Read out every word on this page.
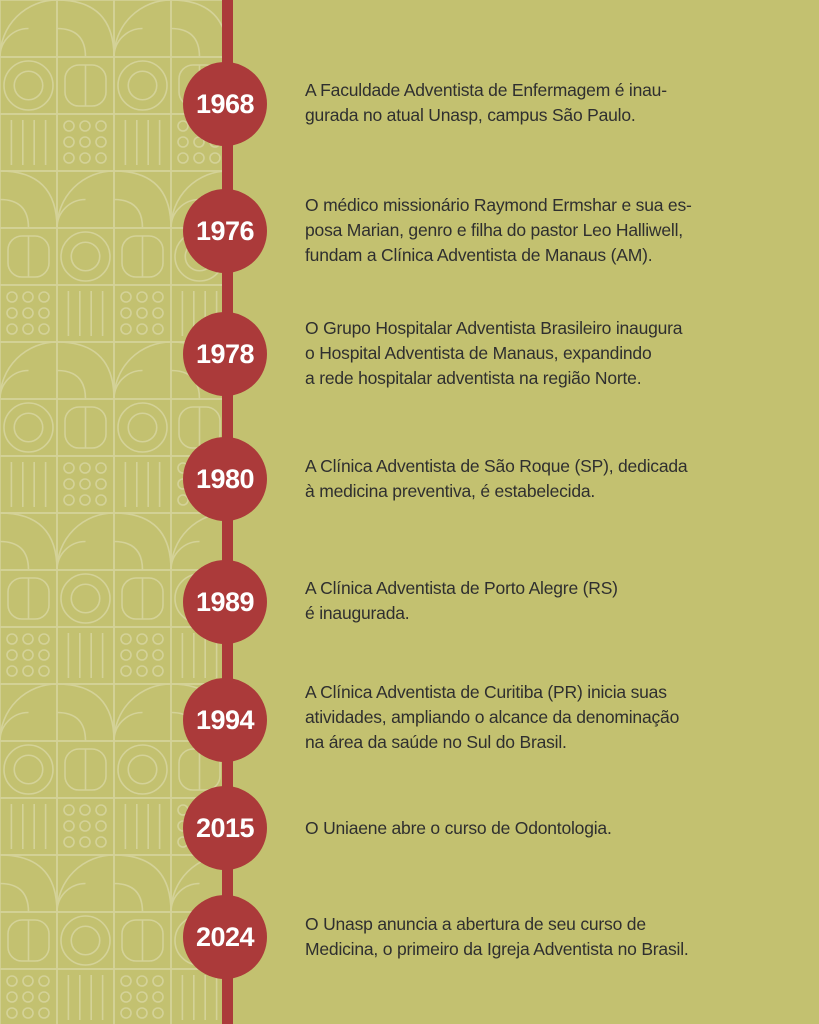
1968	A Faculdade Adventista de Enfermagem é inau-
gurada no atual Unasp, campus São Paulo.
1976
O médico missionário Raymond Ermshar e sua es-
posa Marian, genro e filha do pastor Leo Halliwell,
fundam a Clínica Adventista de Manaus (AM).
1978
O Grupo Hospitalar Adventista Brasileiro inaugura
o Hospital Adventista de Manaus, expandindo
a rede hospitalar adventista na região Norte.
1980	A Clínica Adventista de São Roque (SP), dedicada
à medicina preventiva, é estabelecida.
1989	A Clínica Adventista de Porto Alegre (RS)
é inaugurada.
1994
A Clínica Adventista de Curitiba (PR) inicia suas
atividades, ampliando o alcance da denominação
na área da saúde no Sul do Brasil.
2015	O Uniaene abre o curso de Odontologia.
2024	O Unasp anuncia a abertura de seu curso de
Medicina, o primeiro da Igreja Adventista no Brasil.
